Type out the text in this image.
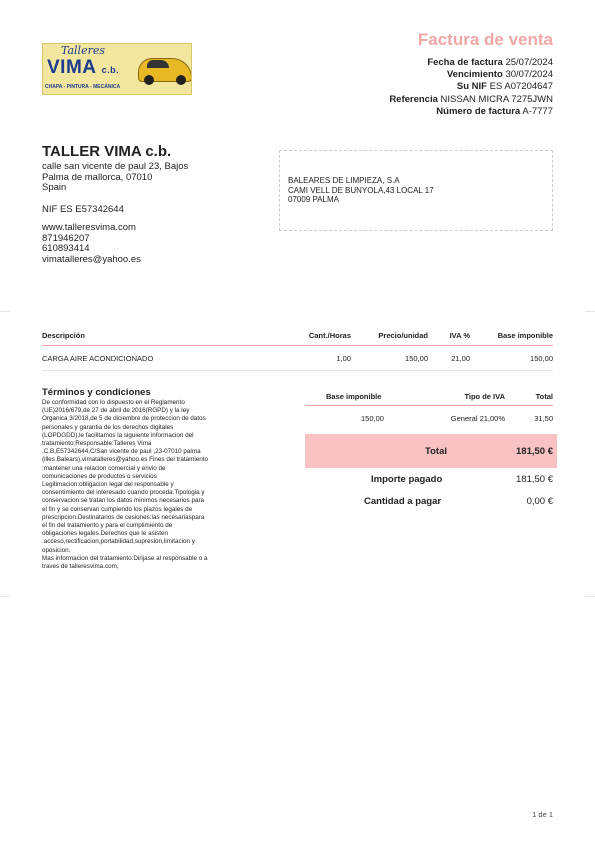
Talleres
VIMA c.b.
CHAPA - PINTURA - MECÁNICA
Factura de venta
Fecha de factura 25/07/2024
Vencimiento 30/07/2024
Su NIF ES A07204647
Referencia NISSAN MICRA 7275JWN
Número de factura A-7777
TALLER VIMA c.b.
calle san vicente de paul 23, Bajos
Palma de mallorca, 07010
Spain
NIF ES E57342644
www.talleresvima.com
871946207
610893414
vimatalleres@yahoo.es
BALEARES DE LIMPIEZA, S.A
CAMI VELL DE BUNYOLA,43 LOCAL 17
07009 PALMA
Descripción	Cant./Horas	Precio/unidad	IVA %	Base imponible
CARGA AIRE ACONDICIONADO	1,00	150,00	21,00	150,00
Términos y condiciones
De conformidad con lo dispuesto en el Reglamento
(UE)2016/679,de 27 de abril de 2016(RGPD) y la ley
Organica 3/2018,de 5 de diciembre de proteccion de datos
personales y garantia de los derechos digitales
(LOPDGDD),le facilitamos la siguiente informacion del
tratamiento:Responsable:Talleres Vima
,C.B,E57342644,C/San vicente de paul ,23-07010 palma
(illes Balears),vimatalleres@yahoo.es Fines del tratamiento
:mantener una relacion comercial y envio de
comunicaciones de productos o servicios
Legitimacion:obligacion legal del responsable y
consentimiento del interesado cuando proceda.Tipologia y
conservacion:se tratan los datos minimos necesarios para
el fin y se conservan cumpiendo los plazos legales de
prescripcion.Destinatarios de cesiones:las necesariaspara
el fin del tratamiento y para el cumplimiento de
obligaciones legales.Derechos que le asisten
:acceso,rectificacion,portabilidad,supresion,limitacion y
oposicion.
Mas informacion del tratamiento:Dirijase al responsable o a
traves de talleresvima.com,
Base imponible	Tipo de IVA	Total
150,00	General 21,00%	31,50
Total	181,50 €
Importe pagado	181,50 €
Cantidad a pagar	0,00 €
1 de 1
